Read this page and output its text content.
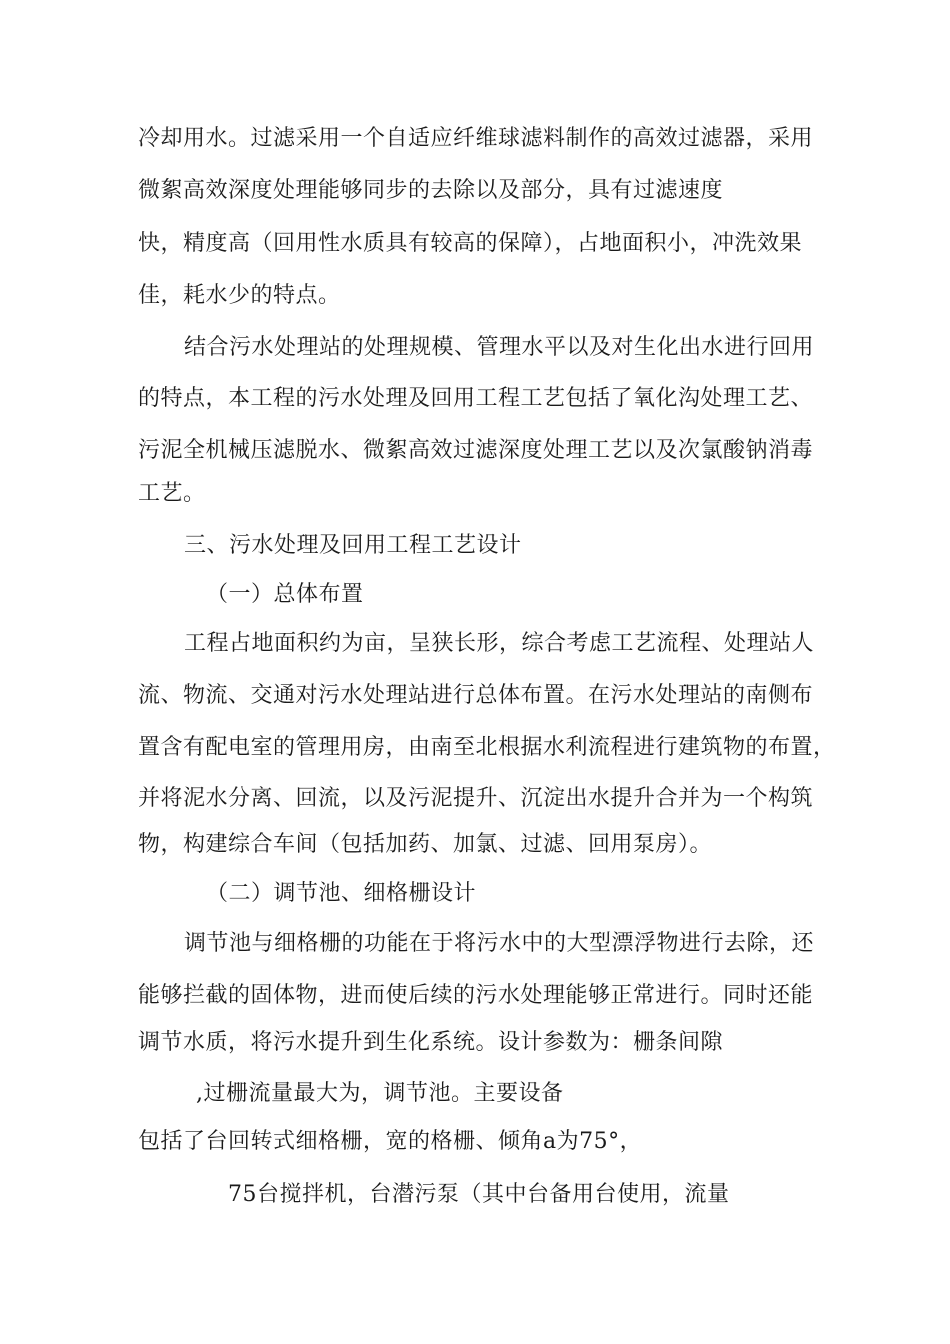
冷却用水。过滤采用一个自适应纤维球滤料制作的高效过滤器，采用
微絮高效深度处理能够同步的去除以及部分，具有过滤速度
快，精度高（回用性水质具有较高的保障），占地面积小，冲洗效果
佳，耗水少的特点。
结合污水处理站的处理规模、管理水平以及对生化出水进行回用
的特点，本工程的污水处理及回用工程工艺包括了氧化沟处理工艺、
污泥全机械压滤脱水、微絮高效过滤深度处理工艺以及次氯酸钠消毒
工艺。
三、污水处理及回用工程工艺设计
（一）总体布置
工程占地面积约为亩，呈狭长形，综合考虑工艺流程、处理站人
流、物流、交通对污水处理站进行总体布置。在污水处理站的南侧布
置含有配电室的管理用房，由南至北根据水利流程进行建筑物的布置，
并将泥水分离、回流，以及污泥提升、沉淀出水提升合并为一个构筑
物，构建综合车间（包括加药、加氯、过滤、回用泵房）。
（二）调节池、细格栅设计
调节池与细格栅的功能在于将污水中的大型漂浮物进行去除，还
能够拦截的固体物，进而使后续的污水处理能够正常进行。同时还能
调节水质，将污水提升到生化系统。设计参数为：栅条间隙
,过栅流量最大为，调节池。主要设备
包括了台回转式细格栅，宽的格栅、倾角a为75°，
75台搅拌机，台潜污泵（其中台备用台使用，流量
